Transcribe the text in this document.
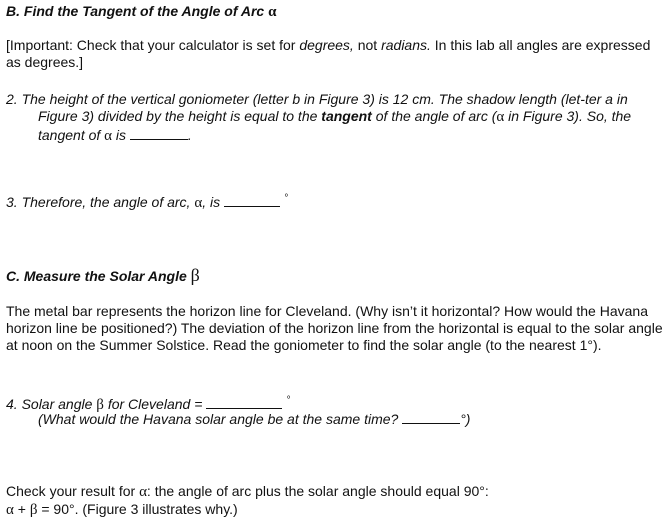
B. Find the Tangent of the Angle of Arc α
[Important: Check that your calculator is set for degrees, not radians. In this lab all angles are expressed as degrees.]
2. The height of the vertical goniometer (letter b in Figure 3) is 12 cm. The shadow length (let-ter a in Figure 3) divided by the height is equal to the tangent of the angle of arc (α in Figure 3). So, the tangent of α is	.
3. Therefore, the angle of arc, α, is	°
C. Measure the Solar Angle β
The metal bar represents the horizon line for Cleveland. (Why isn’t it horizontal? How would the Havana horizon line be positioned?) The deviation of the horizon line from the horizontal is equal to the solar angle at noon on the Summer Solstice. Read the goniometer to find the solar angle (to the nearest 1°).
4. Solar angle β for Cleveland =	°
(What would the Havana solar angle be at the same time?	°)
Check your result for α: the angle of arc plus the solar angle should equal 90°:
α + β = 90°. (Figure 3 illustrates why.)
